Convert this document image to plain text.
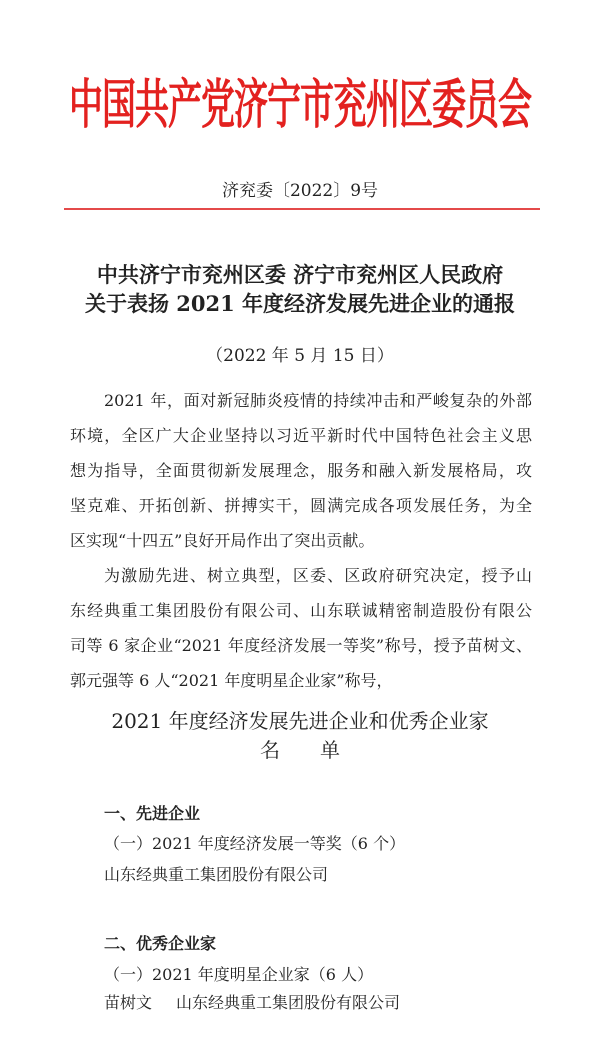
中国共产党济宁市兖州区委员会
济兖委〔2022〕9号
中共济宁市兖州区委 济宁市兖州区人民政府
关于表扬 2021 年度经济发展先进企业的通报
（2022 年 5 月 15 日）
2021 年，面对新冠肺炎疫情的持续冲击和严峻复杂的外部
环境，全区广大企业坚持以习近平新时代中国特色社会主义思
想为指导，全面贯彻新发展理念，服务和融入新发展格局，攻
坚克难、开拓创新、拼搏实干，圆满完成各项发展任务，为全
区实现“十四五”良好开局作出了突出贡献。
为激励先进、树立典型，区委、区政府研究决定，授予山
东经典重工集团股份有限公司、山东联诚精密制造股份有限公
司等 6 家企业“2021 年度经济发展一等奖”称号，授予苗树文、
郭元强等 6 人“2021 年度明星企业家”称号，
2021 年度经济发展先进企业和优秀企业家
名　　单
一、先进企业
（一）2021 年度经济发展一等奖（6 个）
山东经典重工集团股份有限公司
二、优秀企业家
（一）2021 年度明星企业家（6 人）
苗树文	山东经典重工集团股份有限公司
